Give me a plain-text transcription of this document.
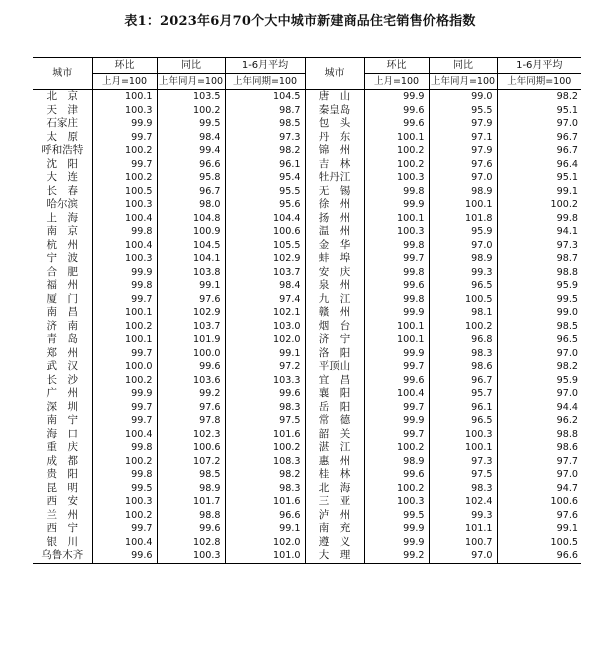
表1：2023年6月70个大中城市新建商品住宅销售价格指数
城市	环比	同比	1-6月平均	城市	环比	同比	1-6月平均
	上月=100	上年同月=100	上年同期=100		上月=100	上年同月=100	上年同期=100
北　京	100.1	103.5	104.5	唐　山	99.9	99.0	98.2
天　津	100.3	100.2	98.7	秦皇岛	99.6	95.5	95.1
石家庄	99.9	99.5	98.5	包　头	99.6	97.9	97.0
太　原	99.7	98.4	97.3	丹　东	100.1	97.1	96.7
呼和浩特	100.2	99.4	98.2	锦　州	100.2	97.9	96.7
沈　阳	99.7	96.6	96.1	吉　林	100.2	97.6	96.4
大　连	100.2	95.8	95.4	牡丹江	100.3	97.0	95.1
长　春	100.5	96.7	95.5	无　锡	99.8	98.9	99.1
哈尔滨	100.3	98.0	95.6	徐　州	99.9	100.1	100.2
上　海	100.4	104.8	104.4	扬　州	100.1	101.8	99.8
南　京	99.8	100.9	100.6	温　州	100.3	95.9	94.1
杭　州	100.4	104.5	105.5	金　华	99.8	97.0	97.3
宁　波	100.3	104.1	102.9	蚌　埠	99.7	98.9	98.7
合　肥	99.9	103.8	103.7	安　庆	99.8	99.3	98.8
福　州	99.8	99.1	98.4	泉　州	99.6	96.5	95.9
厦　门	99.7	97.6	97.4	九　江	99.8	100.5	99.5
南　昌	100.1	102.9	102.1	赣　州	99.9	98.1	99.0
济　南	100.2	103.7	103.0	烟　台	100.1	100.2	98.5
青　岛	100.1	101.9	102.0	济　宁	100.1	96.8	96.5
郑　州	99.7	100.0	99.1	洛　阳	99.9	98.3	97.0
武　汉	100.0	99.6	97.2	平顶山	99.7	98.6	98.2
长　沙	100.2	103.6	103.3	宜　昌	99.6	96.7	95.9
广　州	99.9	99.2	99.6	襄　阳	100.4	95.7	97.0
深　圳	99.7	97.6	98.3	岳　阳	99.7	96.1	94.4
南　宁	99.7	97.8	97.5	常　德	99.9	96.5	96.2
海　口	100.4	102.3	101.6	韶　关	99.7	100.3	98.8
重　庆	99.8	100.6	100.2	湛　江	100.2	100.1	98.6
成　都	100.2	107.2	108.3	惠　州	98.9	97.3	97.7
贵　阳	99.8	98.5	98.2	桂　林	99.6	97.5	97.0
昆　明	99.5	98.9	98.3	北　海	100.2	98.3	94.7
西　安	100.3	101.7	101.6	三　亚	100.3	102.4	100.6
兰　州	100.2	98.8	96.6	泸　州	99.5	99.3	97.6
西　宁	99.7	99.6	99.1	南　充	99.9	101.1	99.1
银　川	100.4	102.8	102.0	遵　义	99.9	100.7	100.5
乌鲁木齐	99.6	100.3	101.0	大　理	99.2	97.0	96.6
